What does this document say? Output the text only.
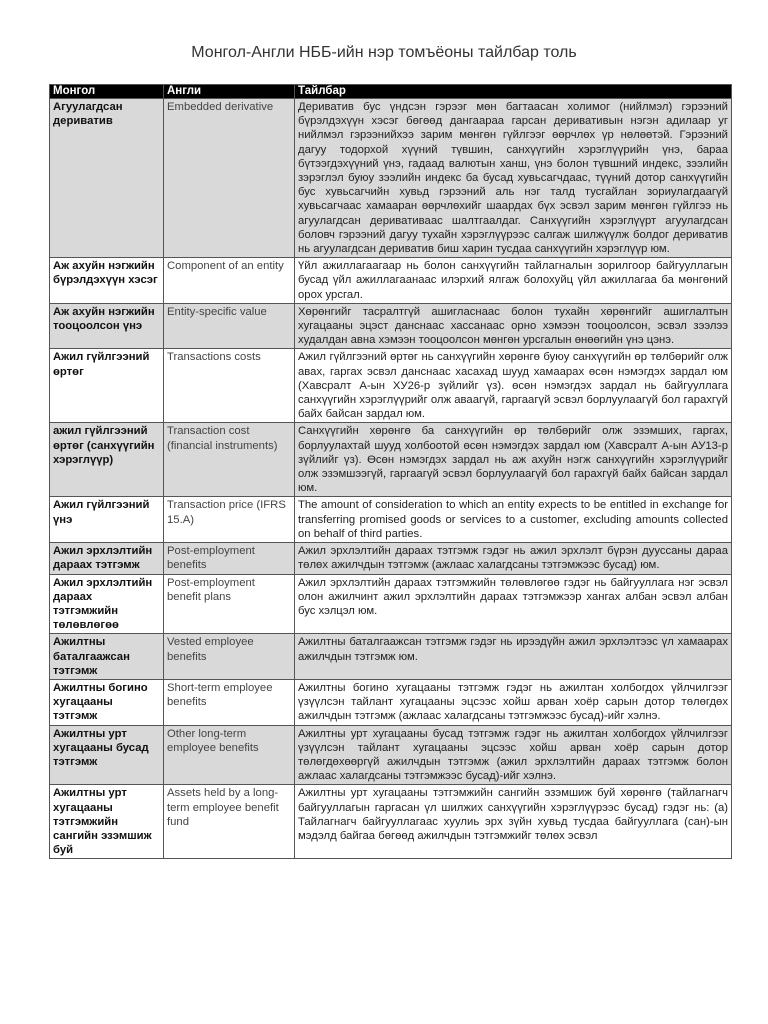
Монгол-Англи НББ-ийн нэр томъёоны тайлбар толь
Монгол	Англи	Тайлбар
Агуулагдсан дериватив	Embedded derivative	Дериватив бус үндсэн гэрээг мөн багтаасан холимог (нийлмэл) гэрээний бүрэлдэхүүн хэсэг бөгөөд дангаараа гарсан деривативын нэгэн адилаар уг нийлмэл гэрээнийхээ зарим мөнгөн гүйлгээг өөрчлөх үр нөлөөтэй. Гэрээний дагуу тодорхой хүүний түвшин, санхүүгийн хэрэглүүрийн үнэ, бараа бүтээгдэхүүний үнэ, гадаад валютын ханш, үнэ болон түвшний индекс, зээлийн зэрэглэл буюу зээлийн индекс ба бусад хувьсагчдаас, түүний дотор санхүүгийн бус хувьсагчийн хувьд гэрээний аль нэг талд тусгайлан зориулагдаагүй хувьсагчаас хамааран өөрчлөхийг шаардах бүх эсвэл зарим мөнгөн гүйлгээ нь агуулагдсан деривативаас шалтгаалдаг. Санхүүгийн хэрэглүүрт агуулагдсан боловч гэрээний дагуу тухайн хэрэглүүрээс салгаж шилжүүлж болдог дериватив нь агуулагдсан дериватив биш харин тусдаа санхүүгийн хэрэглүүр юм.
Аж ахуйн нэгжийн бүрэлдэхүүн хэсэг	Component of an entity	Үйл ажиллагаагаар нь болон санхүүгийн тайлагналын зорилгоор байгууллагын бусад үйл ажиллагаанаас илэрхий ялгаж болохуйц үйл ажиллагаа ба мөнгөний орох урсгал.
Аж ахуйн нэгжийн тооцоолсон үнэ	Entity-specific value	Хөрөнгийг тасралтгүй ашигласнаас болон тухайн хөрөнгийг ашиглалтын хугацааны эцэст данснаас хассанаас орно хэмээн тооцоолсон, эсвэл зээлээ худалдан авна хэмээн тооцоолсон мөнгөн урсгалын өнөөгийн үнэ цэнэ.
Ажил гүйлгээний өртөг	Transactions costs	Ажил гүйлгээний өртөг нь санхүүгийн хөрөнгө буюу санхүүгийн өр төлбөрийг олж авах, гаргах эсвэл данснаас хасахад шууд хамаарах өсөн нэмэгдэх зардал юм (Хавсралт А-ын ХУ26-р зүйлийг үз). өсөн нэмэгдэх зардал нь байгууллага санхүүгийн хэрэглүүрийг олж аваагүй, гаргаагүй эсвэл борлуулаагүй бол гарахгүй байх байсан зардал юм.
ажил гүйлгээний өртөг (санхүүгийн хэрэглүүр)	Transaction cost (financial instruments)	Санхүүгийн хөрөнгө ба санхүүгийн өр төлбөрийг олж эзэмших, гаргах, борлуулахтай шууд холбоотой өсөн нэмэгдэх зардал юм (Хавсралт А-ын АУ13-р зүйлийг үз). Өсөн нэмэгдэх зардал нь аж ахуйн нэгж санхүүгийн хэрэглүүрийг олж эзэмшээгүй, гаргаагүй эсвэл борлуулаагүй бол гарахгүй байх байсан зардал юм.
Ажил гүйлгээний үнэ	Transaction price (IFRS 15.A)	The amount of consideration to which an entity expects to be entitled in exchange for transferring promised goods or services to a customer, excluding amounts collected on behalf of third parties.
Ажил эрхлэлтийн дараах тэтгэмж	Post-employment benefits	Ажил эрхлэлтийн дараах тэтгэмж гэдэг нь ажил эрхлэлт бүрэн дууссаны дараа төлөх ажилчдын тэтгэмж (ажлаас халагдсаны тэтгэмжээс бусад) юм.
Ажил эрхлэлтийн дараах тэтгэмжийн төлөвлөгөө	Post-employment benefit plans	Ажил эрхлэлтийн дараах тэтгэмжийн төлөвлөгөө гэдэг нь байгууллага нэг эсвэл олон ажилчинт ажил эрхлэлтийн дараах тэтгэмжээр хангах албан эсвэл албан бус хэлцэл юм.
Ажилтны баталгаажсан тэтгэмж	Vested employee benefits	Ажилтны баталгаажсан тэтгэмж гэдэг нь ирээдүйн ажил эрхлэлтээс үл хамаарах ажилчдын тэтгэмж юм.
Ажилтны богино хугацааны тэтгэмж	Short-term employee benefits	Ажилтны богино хугацааны тэтгэмж гэдэг нь ажилтан холбогдох үйлчилгээг үзүүлсэн тайлант хугацааны эцсээс хойш арван хоёр сарын дотор төлөгдөх ажилчдын тэтгэмж (ажлаас халагдсаны тэтгэмжээс бусад)-ийг хэлнэ.
Ажилтны урт хугацааны бусад тэтгэмж	Other long-term employee benefits	Ажилтны урт хугацааны бусад тэтгэмж гэдэг нь ажилтан холбогдох үйлчилгээг үзүүлсэн тайлант хугацааны эцсээс хойш арван хоёр сарын дотор төлөгдөхөөргүй ажилчдын тэтгэмж (ажил эрхлэлтийн дараах тэтгэмж болон ажлаас халагдсаны тэтгэмжээс бусад)-ийг хэлнэ.
Ажилтны урт хугацааны тэтгэмжийн сангийн эзэмшиж буй	Assets held by a long-term employee benefit fund	Ажилтны урт хугацааны тэтгэмжийн сангийн эзэмшиж буй хөрөнгө (тайлагнагч байгууллагын гаргасан үл шилжих санхүүгийн хэрэглүүрээс бусад) гэдэг нь: (а) Тайлагнагч байгууллагаас хуулиь эрх зүйн хувьд тусдаа байгууллага (сан)-ын мэдэлд байгаа бөгөөд ажилчдын тэтгэмжийг төлөх эсвэл
